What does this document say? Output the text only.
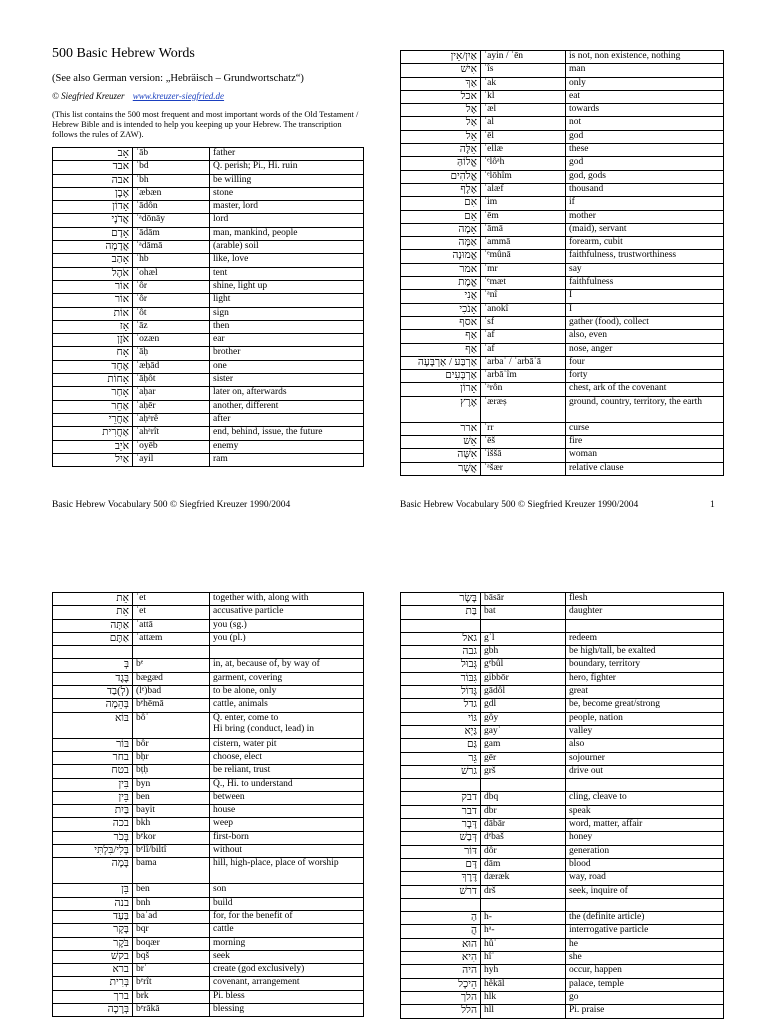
500 Basic Hebrew Words
(See also German version: „Hebräisch – Grundwortschatz“)
© Siegfried Kreuzer www.kreuzer-siegfried.de
(This list contains the 500 most frequent and most important words of the Old Testament / Hebrew Bible and is intended to help you keeping up your Hebrew. The transcription follows the rules of ZAW).
אָב	ʾāb	father
אבד	ʾbd	Q. perish; Pi., Hi. ruin
אבה	ʾbh	be willing
אֶבֶן	ʾæbæn	stone
אָדוֹן	ʾādôn	master, lord
אֲדֹנָי	ʾᵃdōnāy	lord
אָדָם	ʾādām	man, mankind, people
אֲדָמָה	ʾᵃdāmā	(arable) soil
אָהַב	ʾhb	like, love
אֹהֶל	ʾohæl	tent
אוֹר	ʾôr	shine, light up
אוֹר	ʾôr	light
אוֹת	ʾôt	sign
אָז	ʾāz	then
אֹזֶן	ʾozæn	ear
אָח	ʾāḥ	brother
אֶחָד	ʾæḥād	one
אָחוֹת	ʾāḥôt	sister
אָחַר	ʾaḥar	later on, afterwards
אַחֵר	ʾaḥēr	another, different
אַחֲרֵי	ʾaḥᵃrê	after
אַחֲרִית	ʾahᵃrît	end, behind, issue, the future
אֹיֵב	ʾoyēb	enemy
אַיִל	ʾayil	ram
אַיִן/אֵין	ʾayin / ʾēn	is not, non existence, nothing
אִישׁ	ʾîs	man
אַךְ	ʾak	only
אכל	ʾkl	eat
אֶל	ʾæl	towards
אַל	ʾal	not
אֵל	ʾēl	god
אֵלֶּה	ʾellæ	these
אֱלוֹהַּ	ʾᵉlôᵃh	god
אֱלֹהִים	ʾᵉlōhîm	god, gods
אֶלֶף	ʾalæf	thousand
אִם	ʾim	if
אֵם	ʾēm	mother
אָמָה	ʾāmā	(maid), servant
אַמָּה	ʾammā	forearm, cubit
אֱמוּנָה	ʾᵉmûnā	faithfulness, trustworthiness
אמר	ʾmr	say
אֱמֶת	ʾᵉmæt	faithfulness
אֲנִי	ʾᵃnî	I
אָנֹכִי	ʾanokî	I
אסף	ʾsf	gather (food), collect
אַף	ʾaf	also, even
אַף	ʾaf	nose, anger
אַרְבַּע / אַרְבָּעָה	ʾarbaʿ / ʾarbāʿā	four
אַרְבָּעִים	ʾarbāʿîm	forty
אָרוֹן	ʾᵃrôn	chest, ark of the covenant
אֶרֶץ	ʾæræṣ	ground, country, territory, the earth
ארר	ʾrr	curse
אֵשׁ	ʾēš	fire
אִשָּׁה	ʾiššā	woman
אֲשֶׁר	ʾᵃšær	relative clause
Basic Hebrew Vocabulary 500 © Siegfried Kreuzer 1990/2004	Basic Hebrew Vocabulary 500 © Siegfried Kreuzer 1990/2004	1
אֵת	ʾet	together with, along with
אֵת	ʾet	accusative particle
אַתָּה	ʾattā	you (sg.)
אַתֶּם	ʾattæm	you (pl.)

בְּ	bᵉ	in, at, because of, by way of
בֶּגֶד	bægæd	garment, covering
(לְ)בַד	(lᵉ)bad	to be alone, only
בְּהֵמָה	bᵉhēmā	cattle, animals
בּוֹא	bôʾ	Q. enter, come to
Hi bring (conduct, lead) in
בּוֹר	bôr	cistern, water pit
בחר	bḥr	choose, elect
בטח	bṭḥ	be reliant, trust
בִּין	byn	Q., Hi. to understand
בֵּין	ben	between
בַּיִת	bayit	house
בכה	bkh	weep
בְּכֹר	bᵉkor	first-born
בְּלִי/בִּלְתִּי	bᵉlî/biltî	without
בָּמָה	bama	hill, high-place, place of worship
בֵּן	ben	son
בנה	bnh	build
בַּעַד	baʿad	for, for the benefit of
בָּקָר	bqr	cattle
בֹּקֶר	boqær	morning
בקשׁ	bqš	seek
ברא	brʾ	create (god exclusively)
בְּרִית	bᵉrît	covenant, arrangement
ברך	brk	Pi. bless
בְּרָכָה	bᵉrākā	blessing
בָּשָׂר	bāsār	flesh
בַּת	bat	daughter

גאל	gʾl	redeem
גבה	gbh	be high/tall, be exalted
גְּבוּל	gᵉbûl	boundary, territory
גִּבּוֹר	gibbōr	hero, fighter
גָּדוֹל	gādôl	great
גדל	gdl	be, become great/strong
גּוֹי	gôy	people, nation
גַּיְא	gayʾ	valley
גַּם	gam	also
גֵּר	gēr	sojourner
גרשׁ	grš	drive out

דבק	dbq	cling, cleave to
דבר	dbr	speak
דָּבָר	dābār	word, matter, affair
דְּבַשׁ	dᵉbaš	honey
דּוֹר	dôr	generation
דָּם	dām	blood
דֶּרֶךְ	dæræk	way, road
דרשׁ	drš	seek, inquire of

הַ	h-	the (definite article)
הֲ	hᵃ-	interrogative particle
הוּא	hûʾ	he
הִיא	hîʾ	she
היה	hyh	occur, happen
הֵיכָל	hêkāl	palace, temple
הלך	hlk	go
הלל	hll	Pi. praise
